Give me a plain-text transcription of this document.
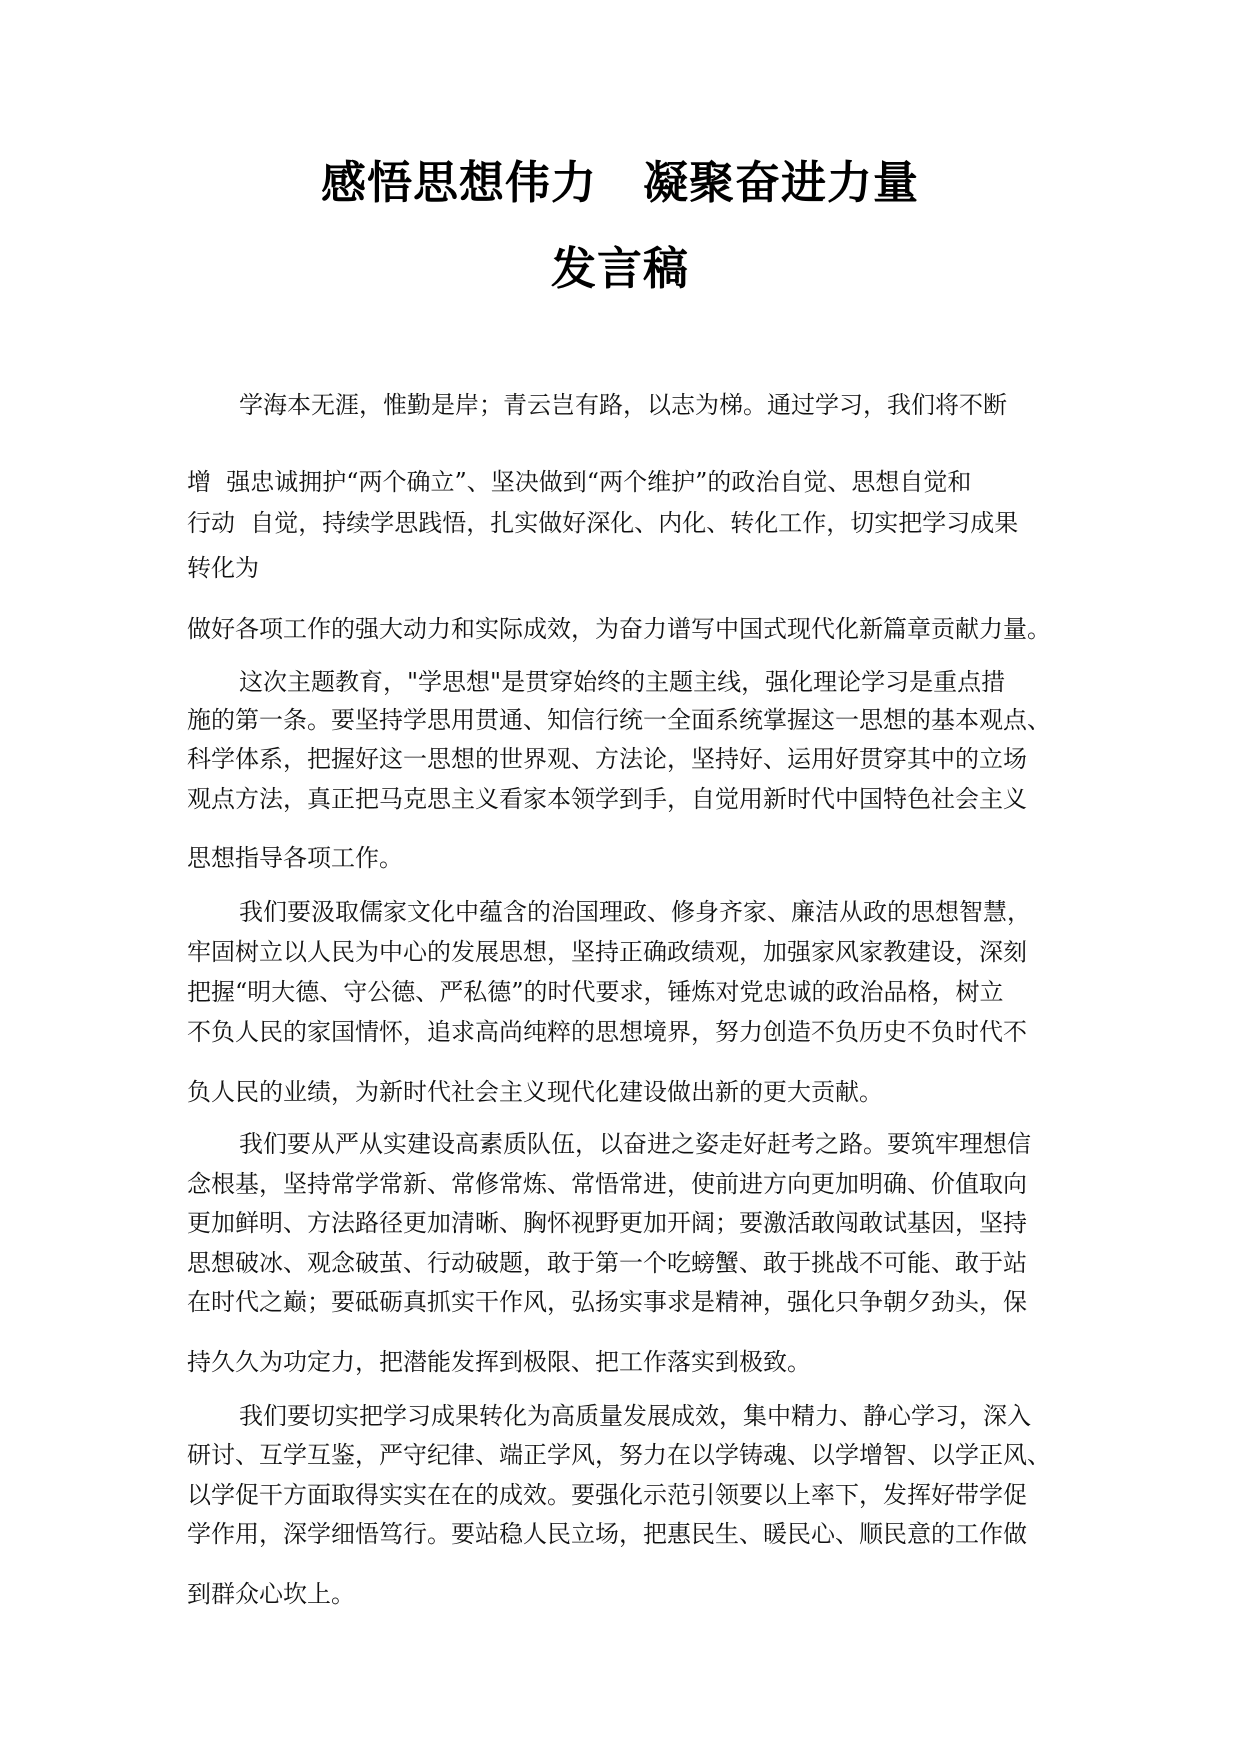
感悟思想伟力　凝聚奋进力量
发言稿
学海本无涯，惟勤是岸；青云岂有路，以志为梯。通过学习，我们将不断
增  强忠诚拥护“两个确立”、坚决做到“两个维护”的政治自觉、思想自觉和
行动  自觉，持续学思践悟，扎实做好深化、内化、转化工作，切实把学习成果
转化为
做好各项工作的强大动力和实际成效，为奋力谱写中国式现代化新篇章贡献力量。
这次主题教育，"学思想"是贯穿始终的主题主线，强化理论学习是重点措
施的第一条。要坚持学思用贯通、知信行统一全面系统掌握这一思想的基本观点、
科学体系，把握好这一思想的世界观、方法论，坚持好、运用好贯穿其中的立场
观点方法，真正把马克思主义看家本领学到手，自觉用新时代中国特色社会主义
思想指导各项工作。
我们要汲取儒家文化中蕴含的治国理政、修身齐家、廉洁从政的思想智慧，
牢固树立以人民为中心的发展思想，坚持正确政绩观，加强家风家教建设，深刻
把握“明大德、守公德、严私德”的时代要求，锤炼对党忠诚的政治品格，树立
不负人民的家国情怀，追求高尚纯粹的思想境界，努力创造不负历史不负时代不
负人民的业绩，为新时代社会主义现代化建设做出新的更大贡献。
我们要从严从实建设高素质队伍，以奋进之姿走好赶考之路。要筑牢理想信
念根基，坚持常学常新、常修常炼、常悟常进，使前进方向更加明确、价值取向
更加鲜明、方法路径更加清晰、胸怀视野更加开阔；要激活敢闯敢试基因，坚持
思想破冰、观念破茧、行动破题，敢于第一个吃螃蟹、敢于挑战不可能、敢于站
在时代之巅；要砥砺真抓实干作风，弘扬实事求是精神，强化只争朝夕劲头，保
持久久为功定力，把潜能发挥到极限、把工作落实到极致。
我们要切实把学习成果转化为高质量发展成效，集中精力、静心学习，深入
研讨、互学互鉴，严守纪律、端正学风，努力在以学铸魂、以学增智、以学正风、
以学促干方面取得实实在在的成效。要强化示范引领要以上率下，发挥好带学促
学作用，深学细悟笃行。要站稳人民立场，把惠民生、暖民心、顺民意的工作做
到群众心坎上。
